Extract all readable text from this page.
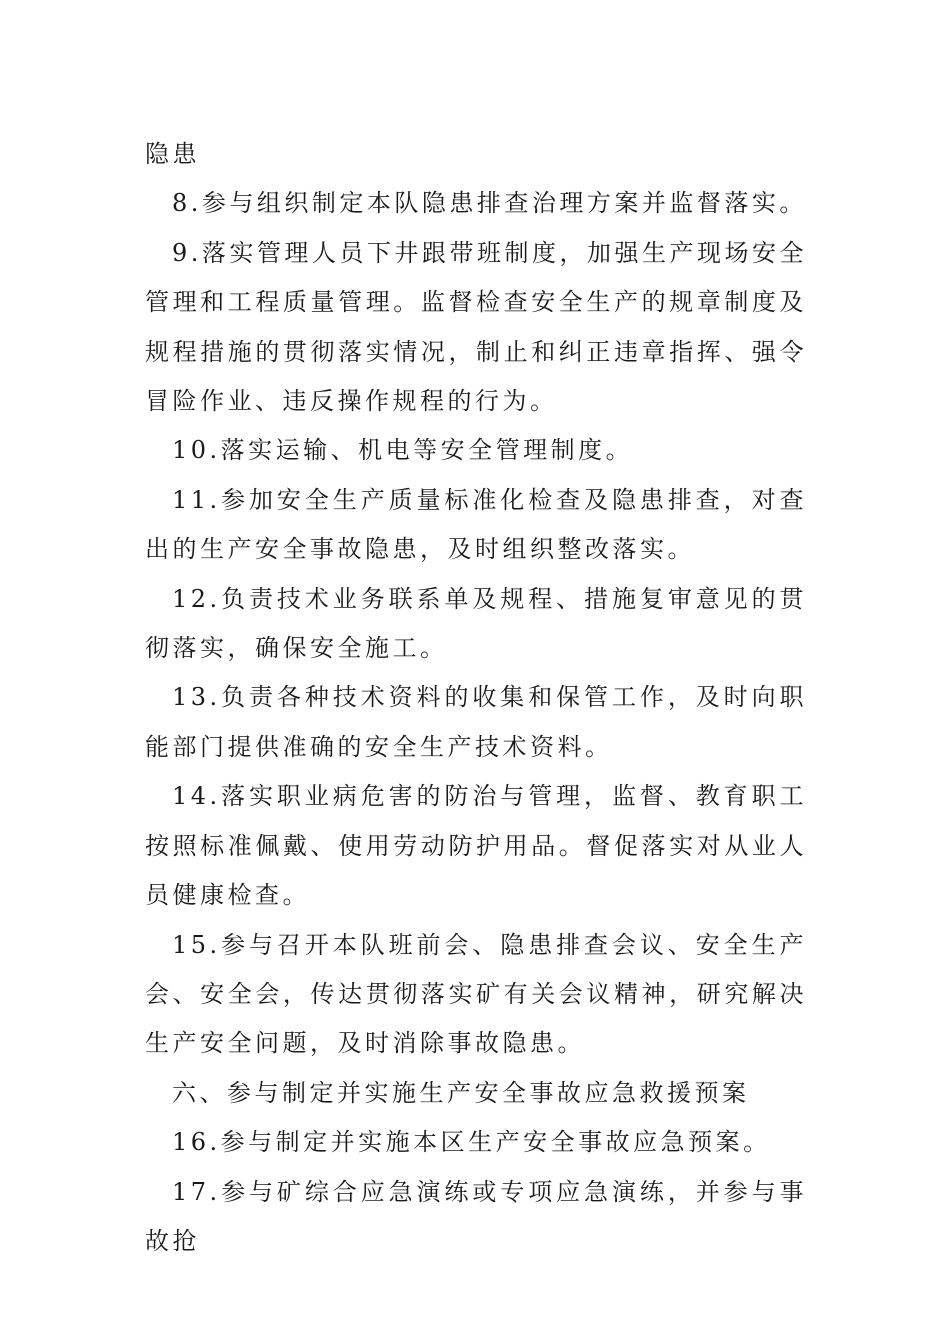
隐患

8.参与组织制定本队隐患排查治理方案并监督落实。

9.落实管理人员下井跟带班制度，加强生产现场安全管理和工程质量管理。监督检查安全生产的规章制度及规程措施的贯彻落实情况，制止和纠正违章指挥、强令冒险作业、违反操作规程的行为。

10.落实运输、机电等安全管理制度。

11.参加安全生产质量标准化检查及隐患排查，对查出的生产安全事故隐患，及时组织整改落实。

12.负责技术业务联系单及规程、措施复审意见的贯彻落实，确保安全施工。

13.负责各种技术资料的收集和保管工作，及时向职能部门提供准确的安全生产技术资料。

14.落实职业病危害的防治与管理，监督、教育职工按照标准佩戴、使用劳动防护用品。督促落实对从业人员健康检查。

15.参与召开本队班前会、隐患排查会议、安全生产会、安全会，传达贯彻落实矿有关会议精神，研究解决生产安全问题，及时消除事故隐患。

六、参与制定并实施生产安全事故应急救援预案

16.参与制定并实施本区生产安全事故应急预案。

17.参与矿综合应急演练或专项应急演练，并参与事故抢
